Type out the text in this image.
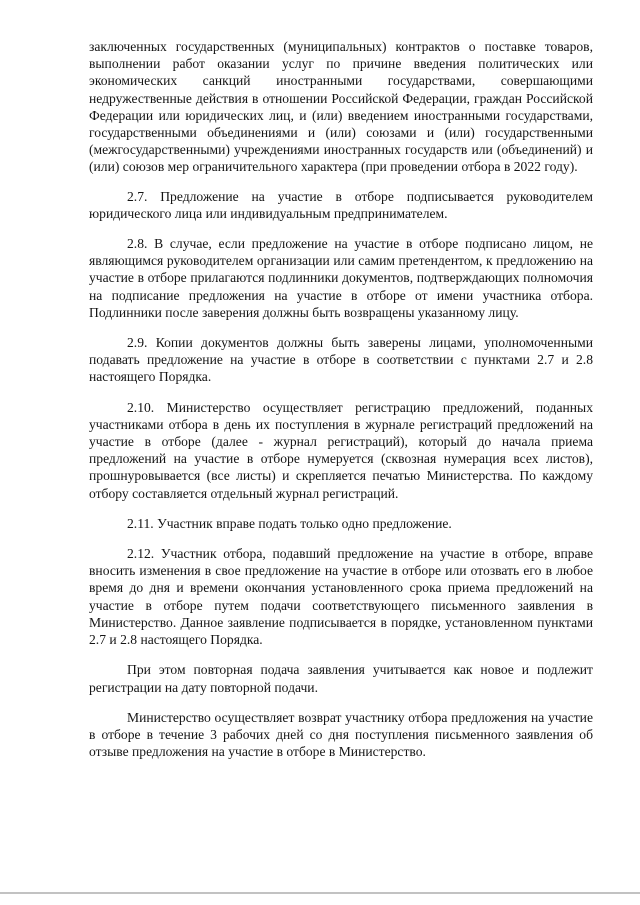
заключенных государственных (муниципальных) контрактов о поставке товаров, выполнении работ оказании услуг по причине введения политических или экономических санкций иностранными государствами, совершающими недружественные действия в отношении Российской Федерации, граждан Российской Федерации или юридических лиц, и (или) введением иностранными государствами, государственными объединениями и (или) союзами и (или) государственными (межгосударственными) учреждениями иностранных государств или (объединений) и (или) союзов мер ограничительного характера (при проведении отбора в 2022 году).

2.7. Предложение на участие в отборе подписывается руководителем юридического лица или индивидуальным предпринимателем.

2.8. В случае, если предложение на участие в отборе подписано лицом, не являющимся руководителем организации или самим претендентом, к предложению на участие в отборе прилагаются подлинники документов, подтверждающих полномочия на подписание предложения на участие в отборе от имени участника отбора. Подлинники после заверения должны быть возвращены указанному лицу.

2.9. Копии документов должны быть заверены лицами, уполномоченными подавать предложение на участие в отборе в соответствии с пунктами 2.7 и 2.8 настоящего Порядка.

2.10. Министерство осуществляет регистрацию предложений, поданных участниками отбора в день их поступления в журнале регистраций предложений на участие в отборе (далее - журнал регистраций), который до начала приема предложений на участие в отборе нумеруется (сквозная нумерация всех листов), прошнуровывается (все листы) и скрепляется печатью Министерства. По каждому отбору составляется отдельный журнал регистраций.

2.11. Участник вправе подать только одно предложение.

2.12. Участник отбора, подавший предложение на участие в отборе, вправе вносить изменения в свое предложение на участие в отборе или отозвать его в любое время до дня и времени окончания установленного срока приема предложений на участие в отборе путем подачи соответствующего письменного заявления в Министерство. Данное заявление подписывается в порядке, установленном пунктами 2.7 и 2.8 настоящего Порядка.

При этом повторная подача заявления учитывается как новое и подлежит регистрации на дату повторной подачи.

Министерство осуществляет возврат участнику отбора предложения на участие в отборе в течение 3 рабочих дней со дня поступления письменного заявления об отзыве предложения на участие в отборе в Министерство.
